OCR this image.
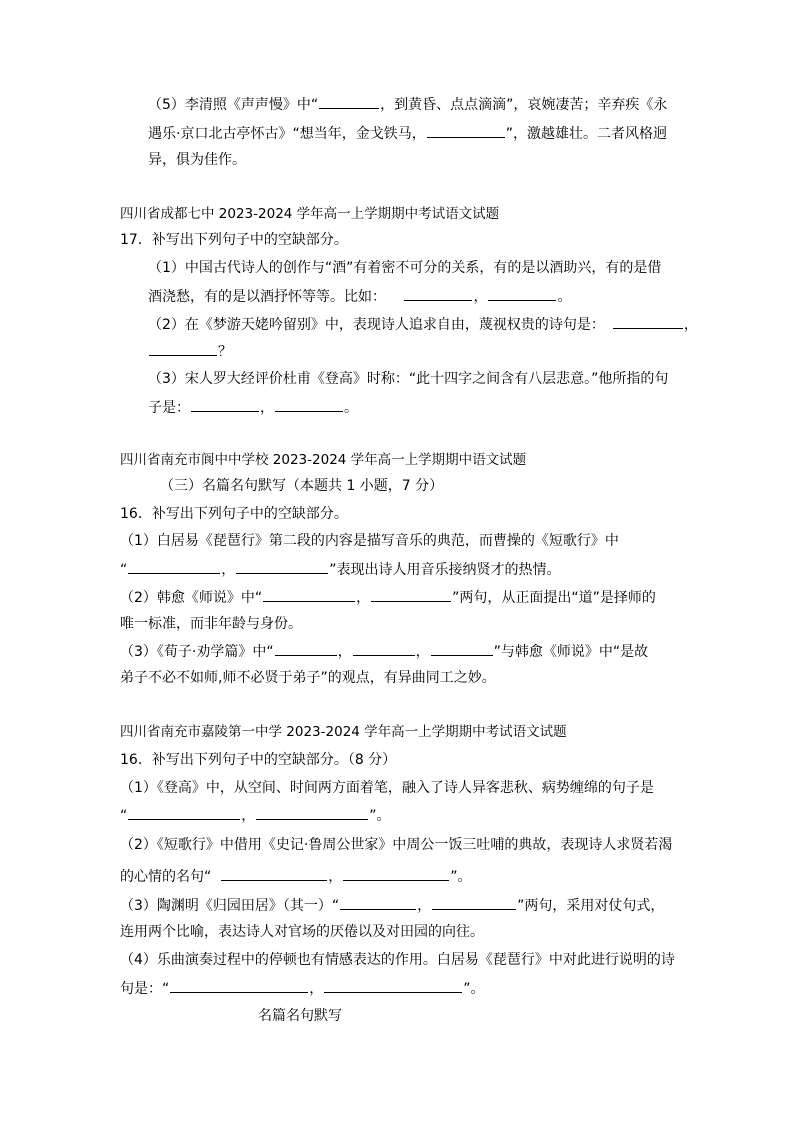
（5）李清照《声声慢》中“	，到黄昏、点点滴滴”，哀婉凄苦；辛弃疾《永
遇乐·京口北古亭怀古》“想当年，金戈铁马，	”，激越雄壮。二者风格迥
异，俱为佳作。
四川省成都七中 2023-2024 学年高一上学期期中考试语文试题
17．补写出下列句子中的空缺部分。
（1）中国古代诗人的创作与“酒”有着密不可分的关系，有的是以酒助兴，有的是借
酒浇愁，有的是以酒抒怀等等。比如：	，	。
（2）在《梦游天姥吟留别》中，表现诗人追求自由，蔑视权贵的诗句是：	，
？
（3）宋人罗大经评价杜甫《登高》时称：“此十四字之间含有八层悲意。”他所指的句
子是：	，	。
四川省南充市阆中中学校 2023-2024 学年高一上学期期中语文试题
（三）名篇名句默写（本题共 1 小题，7 分）
16．补写出下列句子中的空缺部分。
（1）白居易《琵琶行》第二段的内容是描写音乐的典范，而曹操的《短歌行》中
“	，	”表现出诗人用音乐接纳贤才的热情。
（2）韩愈《师说》中“	，	”两句，从正面提出“道”是择师的
唯一标准，而非年龄与身份。
（3）《荀子·劝学篇》中“	，	，	”与韩愈《师说》中“是故
弟子不必不如师,师不必贤于弟子”的观点，有异曲同工之妙。
四川省南充市嘉陵第一中学 2023-2024 学年高一上学期期中考试语文试题
16．补写出下列句子中的空缺部分。（8 分）
（1）《登高》中，从空间、时间两方面着笔，融入了诗人异客悲秋、病势缠绵的句子是
“	，	”。
（2）《短歌行》中借用《史记·鲁周公世家》中周公一饭三吐哺的典故，表现诗人求贤若渴
的心情的名句“	，	”。
（3）陶渊明《归园田居》（其一）“	，	”两句，采用对仗句式，
连用两个比喻，表达诗人对官场的厌倦以及对田园的向往。
（4）乐曲演奏过程中的停顿也有情感表达的作用。白居易《琵琶行》中对此进行说明的诗
句是：“	，	”。
名篇名句默写
